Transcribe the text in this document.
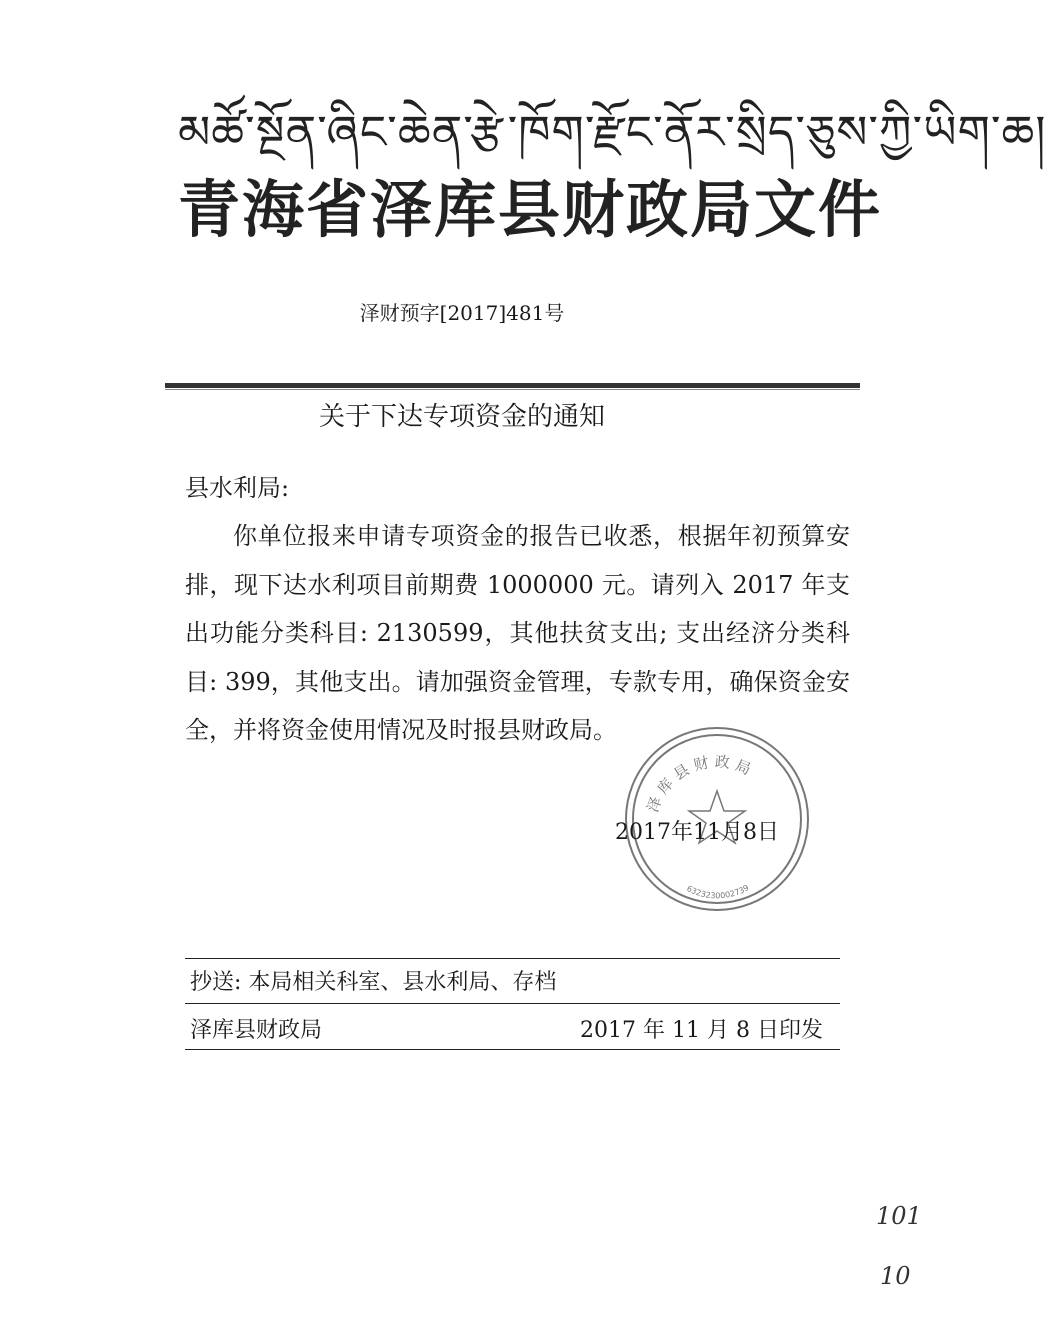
མཚོ་སྔོན་ཞིང་ཆེན་རྩེ་ཁོག་རྫོང་ནོར་སྲིད་ཅུས་ཀྱི་ཡིག་ཆ།
青海省泽库县财政局文件
泽财预字[2017]481号
关于下达专项资金的通知
县水利局:
你单位报来申请专项资金的报告已收悉，根据年初预算安排，现下达水利项目前期费 1000000 元。请列入 2017 年支出功能分类科目: 2130599，其他扶贫支出; 支出经济分类科目: 399，其他支出。请加强资金管理，专款专用，确保资金安全，并将资金使用情况及时报县财政局。
泽 库 县 财 政 局
6323230002739
2017年11月8日
抄送: 本局相关科室、县水利局、存档
泽库县财政局	2017 年 11 月 8 日印发
101
10
